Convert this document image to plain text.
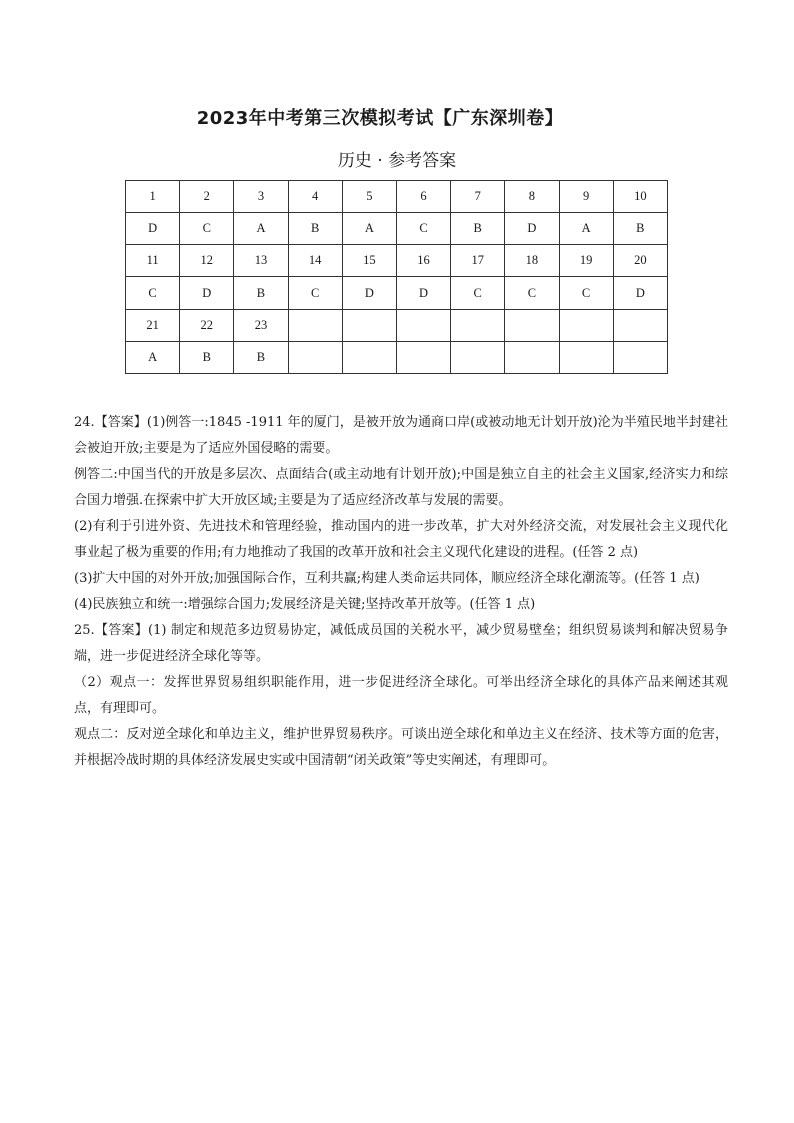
2023年中考第三次模拟考试【广东深圳卷】
历史 · 参考答案
1	2	3	4	5	6	7	8	9	10
D	C	A	B	A	C	B	D	A	B
11	12	13	14	15	16	17	18	19	20
C	D	B	C	D	D	C	C	C	D
21	22	23							
A	B	B							

24.【答案】(1)例答一:1845 -1911 年的厦门，是被开放为通商口岸(或被动地无计划开放)沦为半殖民地半封建社会被迫开放;主要是为了适应外国侵略的需要。

例答二:中国当代的开放是多层次、点面结合(或主动地有计划开放);中国是独立自主的社会主义国家,经济实力和综合国力增强.在探索中扩大开放区域;主要是为了适应经济改革与发展的需要。

(2)有利于引进外资、先进技术和管理经验，推动国内的进一步改革，扩大对外经济交流，对发展社会主义现代化事业起了极为重要的作用;有力地推动了我国的改革开放和社会主义现代化建设的进程。(任答 2 点)

(3)扩大中国的对外开放;加强国际合作，互利共赢;构建人类命运共同体，顺应经济全球化潮流等。(任答 1 点)

(4)民族独立和统一:增强综合国力;发展经济是关键;坚持改革开放等。(任答 1 点)

25.【答案】(1) 制定和规范多边贸易协定，减低成员国的关税水平，减少贸易壁垒；组织贸易谈判和解决贸易争端，进一步促进经济全球化等等。

（2）观点一：发挥世界贸易组织职能作用，进一步促进经济全球化。可举出经济全球化的具体产品来阐述其观点，有理即可。

观点二：反对逆全球化和单边主义，维护世界贸易秩序。可谈出逆全球化和单边主义在经济、技术等方面的危害，并根据冷战时期的具体经济发展史实或中国清朝“闭关政策”等史实阐述，有理即可。
